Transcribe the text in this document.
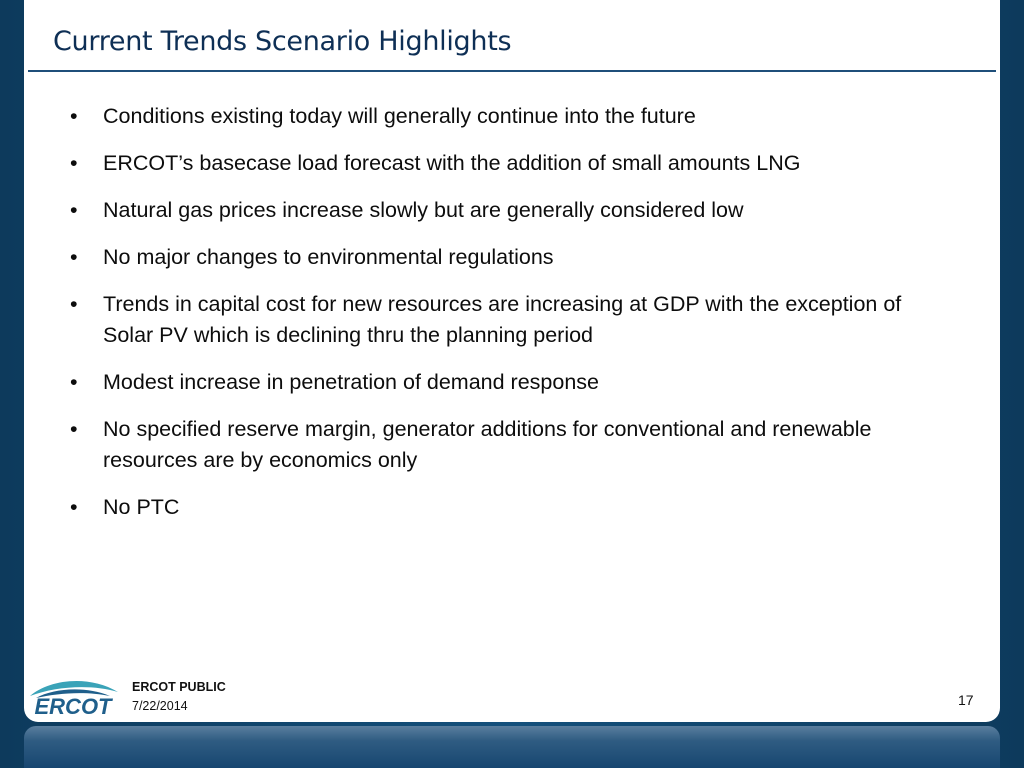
Current Trends Scenario Highlights
• Conditions existing today will generally continue into the future
• ERCOT’s basecase load forecast with the addition of small amounts LNG
• Natural gas prices increase slowly but are generally considered low
• No major changes to environmental regulations
• Trends in capital cost for new resources are increasing at GDP with the exception of Solar PV which is declining thru the planning period
• Modest increase in penetration of demand response
• No specified reserve margin, generator additions for conventional and renewable resources are by economics only
• No PTC
ERCOT
ERCOT PUBLIC
7/22/2014	17
